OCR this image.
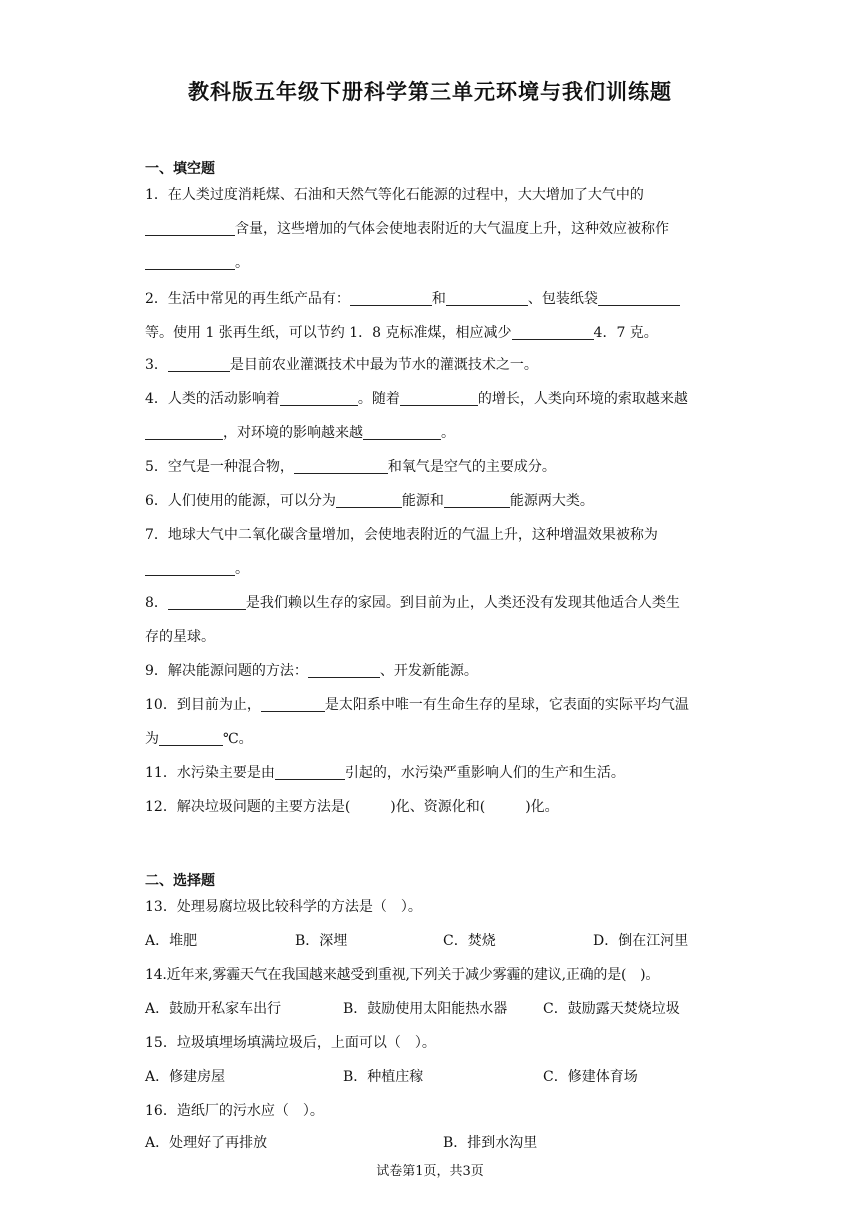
教科版五年级下册科学第三单元环境与我们训练题
一、填空题
1．在人类过度消耗煤、石油和天然气等化石能源的过程中，大大增加了大气中的
含量，这些增加的气体会使地表附近的大气温度上升，这种效应被称作
。
2．生活中常见的再生纸产品有：	和	、包装纸袋
等。使用 1 张再生纸，可以节约 1．8 克标准煤，相应减少	4．7 克。
3．	是目前农业灌溉技术中最为节水的灌溉技术之一。
4．人类的活动影响着	。随着	的增长，人类向环境的索取越来越
，对环境的影响越来越	。
5．空气是一种混合物，	和氧气是空气的主要成分。
6．人们使用的能源，可以分为	能源和	能源两大类。
7．地球大气中二氧化碳含量增加，会使地表附近的气温上升，这种增温效果被称为
。
8．	是我们赖以生存的家园。到目前为止，人类还没有发现其他适合人类生
存的星球。
9．解决能源问题的方法：	、开发新能源。
10．到目前为止，	是太阳系中唯一有生命生存的星球，它表面的实际平均气温
为	℃。
11．水污染主要是由	引起的，水污染严重影响人们的生产和生活。
12．解决垃圾问题的主要方法是(	)化、资源化和(	)化。
二、选择题
13．处理易腐垃圾比较科学的方法是（　）。
A．堆肥	B．深埋	C．焚烧	D．倒在江河里
14.近年来,雾霾天气在我国越来越受到重视,下列关于减少雾霾的建议,正确的是(　)。
A．鼓励开私家车出行	B．鼓励使用太阳能热水器	C．鼓励露天焚烧垃圾
15．垃圾填埋场填满垃圾后，上面可以（　）。
A．修建房屋	B．种植庄稼	C．修建体育场
16．造纸厂的污水应（　）。
A．处理好了再排放	B．排到水沟里
试卷第1页，共3页
